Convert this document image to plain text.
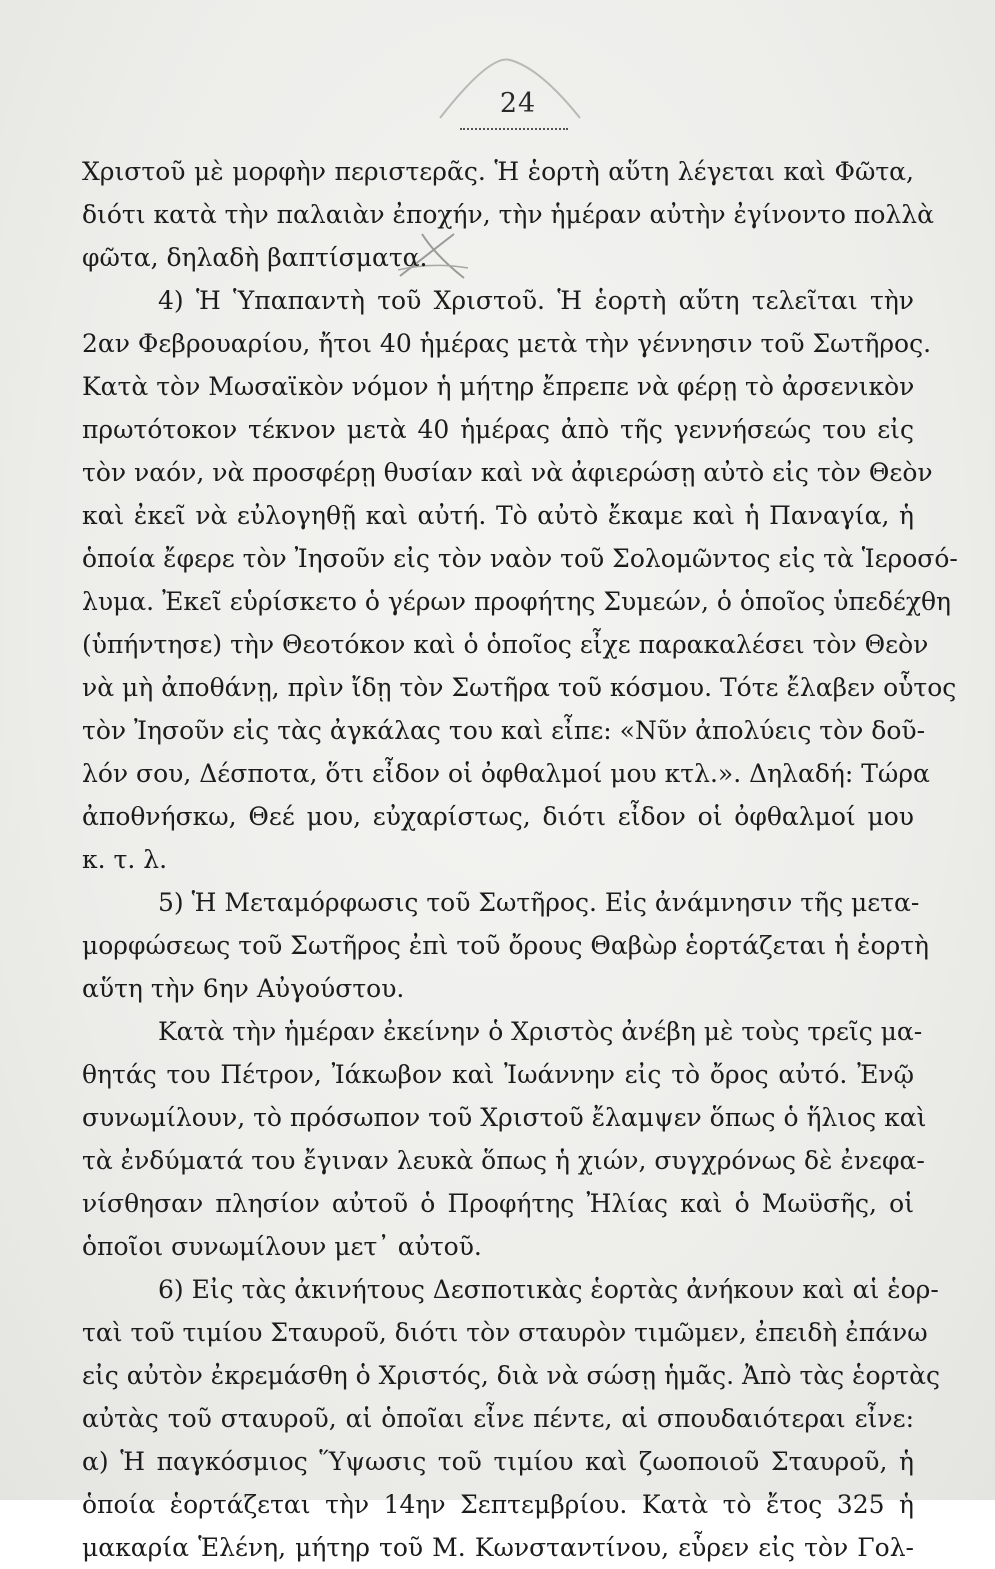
24
Χριστοῦ μὲ μορφὴν περιστερᾶς. Ἡ ἑορτὴ αὕτη λέγεται καὶ Φῶτα,
διότι κατὰ τὴν παλαιὰν ἐποχήν, τὴν ἡμέραν αὐτὴν ἐγίνοντο πολλὰ
φῶτα, δηλαδὴ βαπτίσματα.
4) Ἡ Ὑπαπαντὴ τοῦ Χριστοῦ. Ἡ ἑορτὴ αὕτη τελεῖται τὴν
2αν Φεβρουαρίου, ἤτοι 40 ἡμέρας μετὰ τὴν γέννησιν τοῦ Σωτῆρος.
Κατὰ τὸν Μωσαϊκὸν νόμον ἡ μήτηρ ἔπρεπε νὰ φέρῃ τὸ ἀρσενικὸν
πρωτότοκον τέκνον μετὰ 40 ἡμέρας ἀπὸ τῆς γεννήσεώς του εἰς
τὸν ναόν, νὰ προσφέρῃ θυσίαν καὶ νὰ ἀφιερώσῃ αὐτὸ εἰς τὸν Θεὸν
καὶ ἐκεῖ νὰ εὐλογηθῇ καὶ αὐτή. Τὸ αὐτὸ ἔκαμε καὶ ἡ Παναγία, ἡ
ὁποία ἔφερε τὸν Ἰησοῦν εἰς τὸν ναὸν τοῦ Σολομῶντος εἰς τὰ Ἱεροσό-
λυμα. Ἐκεῖ εὑρίσκετο ὁ γέρων προφήτης Συμεών, ὁ ὁποῖος ὑπεδέχθη
(ὑπήντησε) τὴν Θεοτόκον καὶ ὁ ὁποῖος εἶχε παρακαλέσει τὸν Θεὸν
νὰ μὴ ἀποθάνῃ, πρὶν ἴδῃ τὸν Σωτῆρα τοῦ κόσμου. Τότε ἔλαβεν οὗτος
τὸν Ἰησοῦν εἰς τὰς ἀγκάλας του καὶ εἶπε: «Νῦν ἀπολύεις τὸν δοῦ-
λόν σου, Δέσποτα, ὅτι εἶδον οἱ ὀφθαλμοί μου κτλ.». Δηλαδή: Τώρα
ἀποθνήσκω, Θεέ μου, εὐχαρίστως, διότι εἶδον οἱ ὀφθαλμοί μου
κ. τ. λ.
5) Ἡ Μεταμόρφωσις τοῦ Σωτῆρος. Εἰς ἀνάμνησιν τῆς μετα-
μορφώσεως τοῦ Σωτῆρος ἐπὶ τοῦ ὄρους Θαβὼρ ἑορτάζεται ἡ ἑορτὴ
αὕτη τὴν 6ην Αὐγούστου.
Κατὰ τὴν ἡμέραν ἐκείνην ὁ Χριστὸς ἀνέβη μὲ τοὺς τρεῖς μα-
θητάς του Πέτρον, Ἰάκωβον καὶ Ἰωάννην εἰς τὸ ὄρος αὐτό. Ἐνῷ
συνωμίλουν, τὸ πρόσωπον τοῦ Χριστοῦ ἔλαμψεν ὅπως ὁ ἥλιος καὶ
τὰ ἐνδύματά του ἔγιναν λευκὰ ὅπως ἡ χιών, συγχρόνως δὲ ἐνεφα-
νίσθησαν πλησίον αὐτοῦ ὁ Προφήτης Ἠλίας καὶ ὁ Μωϋσῆς, οἱ
ὁποῖοι συνωμίλουν μετ᾽ αὐτοῦ.
6) Εἰς τὰς ἀκινήτους Δεσποτικὰς ἑορτὰς ἀνήκουν καὶ αἱ ἑορ-
ταὶ τοῦ τιμίου Σταυροῦ, διότι τὸν σταυρὸν τιμῶμεν, ἐπειδὴ ἐπάνω
εἰς αὐτὸν ἐκρεμάσθη ὁ Χριστός, διὰ νὰ σώσῃ ἡμᾶς. Ἀπὸ τὰς ἑορτὰς
αὐτὰς τοῦ σταυροῦ, αἱ ὁποῖαι εἶνε πέντε, αἱ σπουδαιότεραι εἶνε:
α) Ἡ παγκόσμιος Ὕψωσις τοῦ τιμίου καὶ ζωοποιοῦ Σταυροῦ, ἡ
ὁποία ἑορτάζεται τὴν 14ην Σεπτεμβρίου. Κατὰ τὸ ἔτος 325 ἡ
μακαρία Ἑλένη, μήτηρ τοῦ Μ. Κωνσταντίνου, εὗρεν εἰς τὸν Γολ-
